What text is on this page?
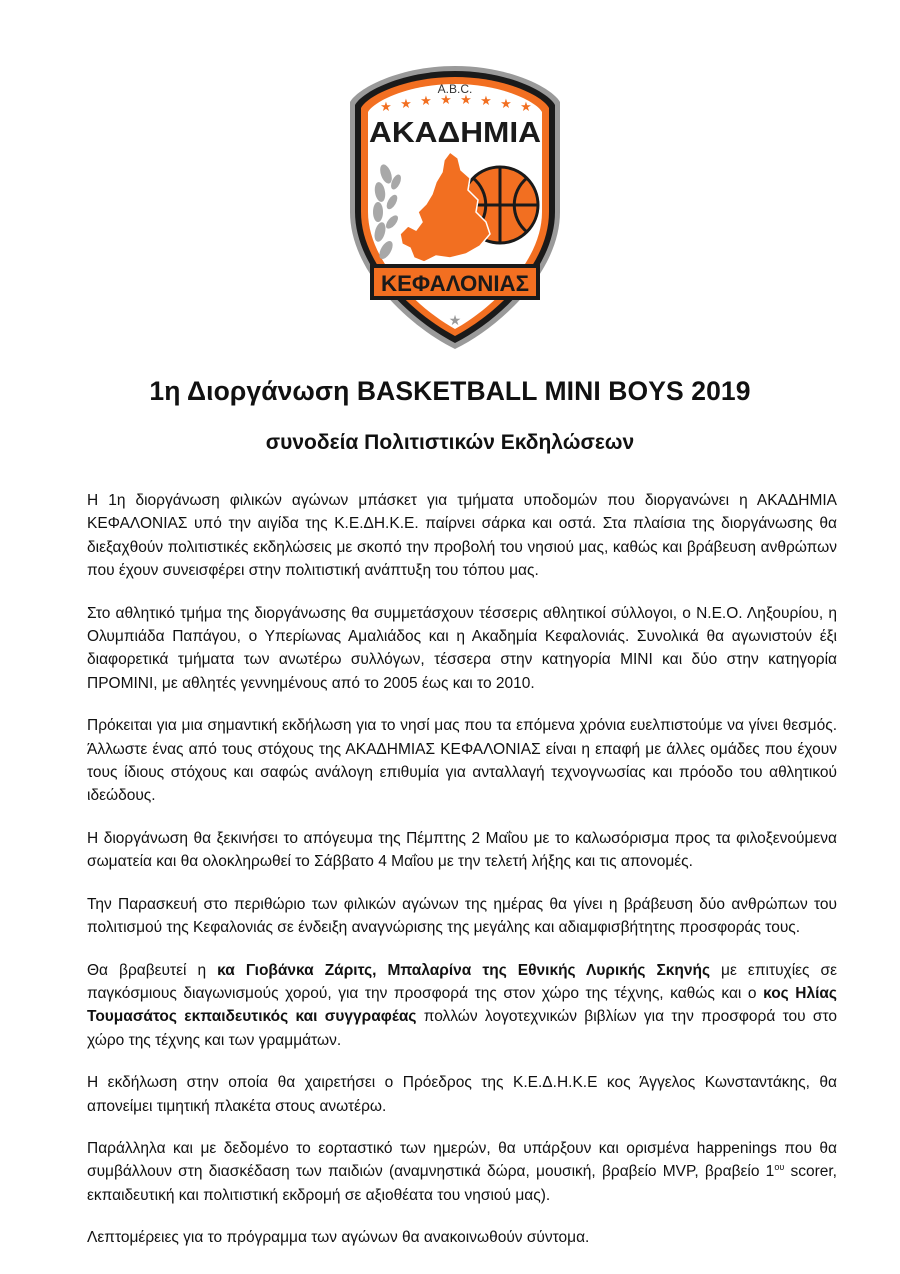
A.B.C.
★ ★ ★ ★ ★ ★ ★ ★
ΑΚΑΔΗΜΙΑ
ΚΕΦΑΛΟΝΙΑΣ
★
1η Διοργάνωση BASKETBALL MINI BOYS 2019
συνοδεία Πολιτιστικών Εκδηλώσεων

Η 1η διοργάνωση φιλικών αγώνων μπάσκετ για τμήματα υποδομών που διοργανώνει η ΑΚΑΔΗΜΙΑ ΚΕΦΑΛΟΝΙΑΣ υπό την αιγίδα της Κ.Ε.ΔΗ.Κ.Ε. παίρνει σάρκα και οστά. Στα πλαίσια της διοργάνωσης θα διεξαχθούν πολιτιστικές εκδηλώσεις με σκοπό την προβολή του νησιού μας, καθώς και βράβευση ανθρώπων που έχουν συνεισφέρει στην πολιτιστική ανάπτυξη του τόπου μας.

Στο αθλητικό τμήμα της διοργάνωσης θα συμμετάσχουν τέσσερις αθλητικοί σύλλογοι, ο Ν.Ε.Ο. Ληξουρίου, η Ολυμπιάδα Παπάγου, ο Υπερίωνας Αμαλιάδος και η Ακαδημία Κεφαλονιάς. Συνολικά θα αγωνιστούν έξι διαφορετικά τμήματα των ανωτέρω συλλόγων, τέσσερα στην κατηγορία ΜΙΝΙ και δύο στην κατηγορία ΠΡΟΜΙΝΙ, με αθλητές γεννημένους από το 2005 έως και το 2010.

Πρόκειται για μια σημαντική εκδήλωση για το νησί μας που τα επόμενα χρόνια ευελπιστούμε να γίνει θεσμός. Άλλωστε ένας από τους στόχους της ΑΚΑΔΗΜΙΑΣ ΚΕΦΑΛΟΝΙΑΣ είναι η επαφή με άλλες ομάδες που έχουν τους ίδιους στόχους και σαφώς ανάλογη επιθυμία για ανταλλαγή τεχνογνωσίας και πρόοδο του αθλητικού ιδεώδους.

Η διοργάνωση θα ξεκινήσει το απόγευμα της Πέμπτης 2 Μαΐου με το καλωσόρισμα προς τα φιλοξενούμενα σωματεία και θα ολοκληρωθεί το Σάββατο 4 Μαΐου με την τελετή λήξης και τις απονομές.

Την Παρασκευή στο περιθώριο των φιλικών αγώνων της ημέρας θα γίνει η βράβευση δύο ανθρώπων του πολιτισμού της Κεφαλονιάς σε ένδειξη αναγνώρισης της μεγάλης και αδιαμφισβήτητης προσφοράς τους.

Θα βραβευτεί η κα Γιοβάνκα Ζάριτς, Μπαλαρίνα της Εθνικής Λυρικής Σκηνής με επιτυχίες σε παγκόσμιους διαγωνισμούς χορού, για την προσφορά της στον χώρο της τέχνης, καθώς και ο κος Ηλίας Τουμασάτος εκπαιδευτικός και συγγραφέας πολλών λογοτεχνικών βιβλίων για την προσφορά του στο χώρο της τέχνης και των γραμμάτων.

Η εκδήλωση στην οποία θα χαιρετήσει ο Πρόεδρος της Κ.Ε.Δ.Η.Κ.Ε κος Άγγελος Κωνσταντάκης, θα απονείμει τιμητική πλακέτα στους ανωτέρω.

Παράλληλα και με δεδομένο το εορταστικό των ημερών, θα υπάρξουν και ορισμένα happenings που θα συμβάλλουν στη διασκέδαση των παιδιών (αναμνηστικά δώρα, μουσική, βραβείο MVP, βραβείο $1^{o\upsilon}$ scorer, εκπαιδευτική και πολιτιστική εκδρομή σε αξιοθέατα του νησιού μας).

Λεπτομέρειες για το πρόγραμμα των αγώνων θα ανακοινωθούν σύντομα.
